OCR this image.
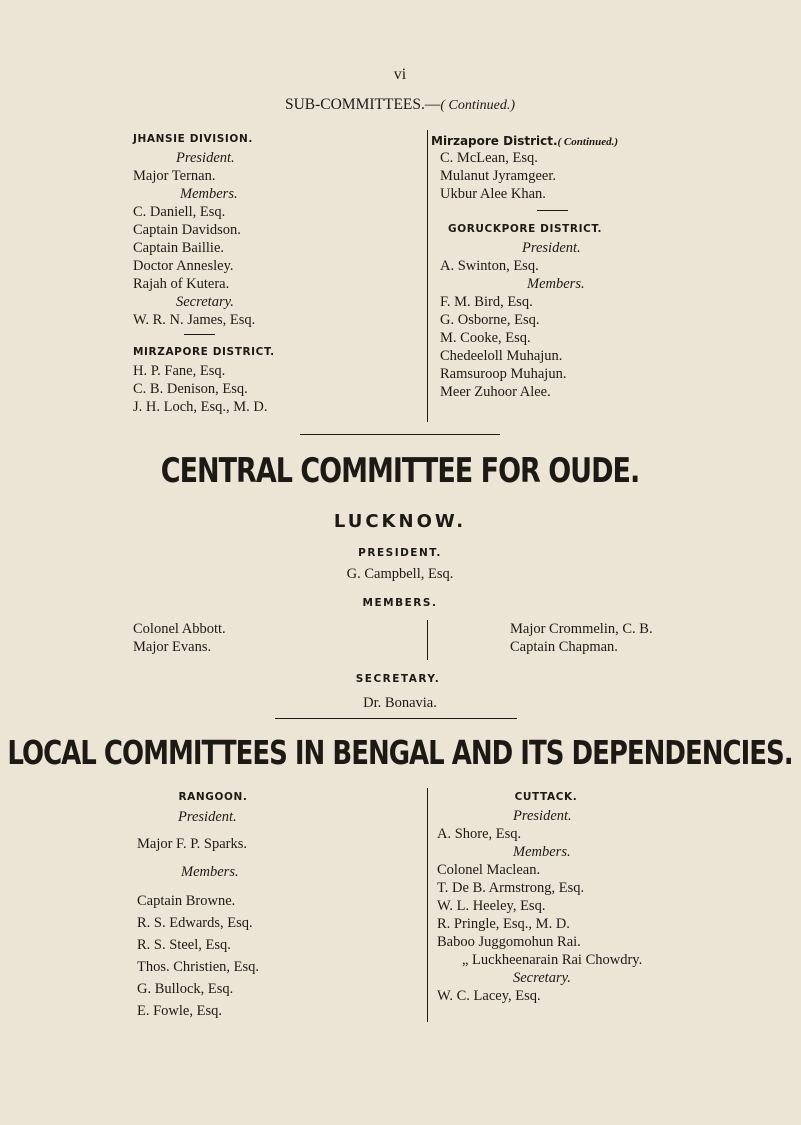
vi
SUB-COMMITTEES.—( Continued.)
JHANSIE DIVISION.
President.
Major Ternan.
Members.
C. Daniell, Esq.
Captain Davidson.
Captain Baillie.
Doctor Annesley.
Rajah of Kutera.
Secretary.
W. R. N. James, Esq.
MIRZAPORE DISTRICT.
H. P. Fane, Esq.
C. B. Denison, Esq.
J. H. Loch, Esq., M. D.
Mirzapore District.( Continued.)
C. McLean, Esq.
Mulanut Jyramgeer.
Ukbur Alee Khan.
GORUCKPORE DISTRICT.
President.
A. Swinton, Esq.
Members.
F. M. Bird, Esq.
G. Osborne, Esq.
M. Cooke, Esq.
Chedeeloll Muhajun.
Ramsuroop Muhajun.
Meer Zuhoor Alee.
CENTRAL COMMITTEE FOR OUDE.
LUCKNOW.
PRESIDENT.
G. Campbell, Esq.
MEMBERS.
Colonel Abbott.
Major Evans.
Major Crommelin, C. B.
Captain Chapman.
SECRETARY.
Dr. Bonavia.
LOCAL COMMITTEES IN BENGAL AND ITS DEPENDENCIES.
RANGOON.
President.
Major F. P. Sparks.
Members.
Captain Browne.
R. S. Edwards, Esq.
R. S. Steel, Esq.
Thos. Christien, Esq.
G. Bullock, Esq.
E. Fowle, Esq.
CUTTACK.
President.
A. Shore, Esq.
Members.
Colonel Maclean.
T. De B. Armstrong, Esq.
W. L. Heeley, Esq.
R. Pringle, Esq., M. D.
Baboo Juggomohun Rai.
„ Luckheenarain Rai Chowdry.
Secretary.
W. C. Lacey, Esq.
